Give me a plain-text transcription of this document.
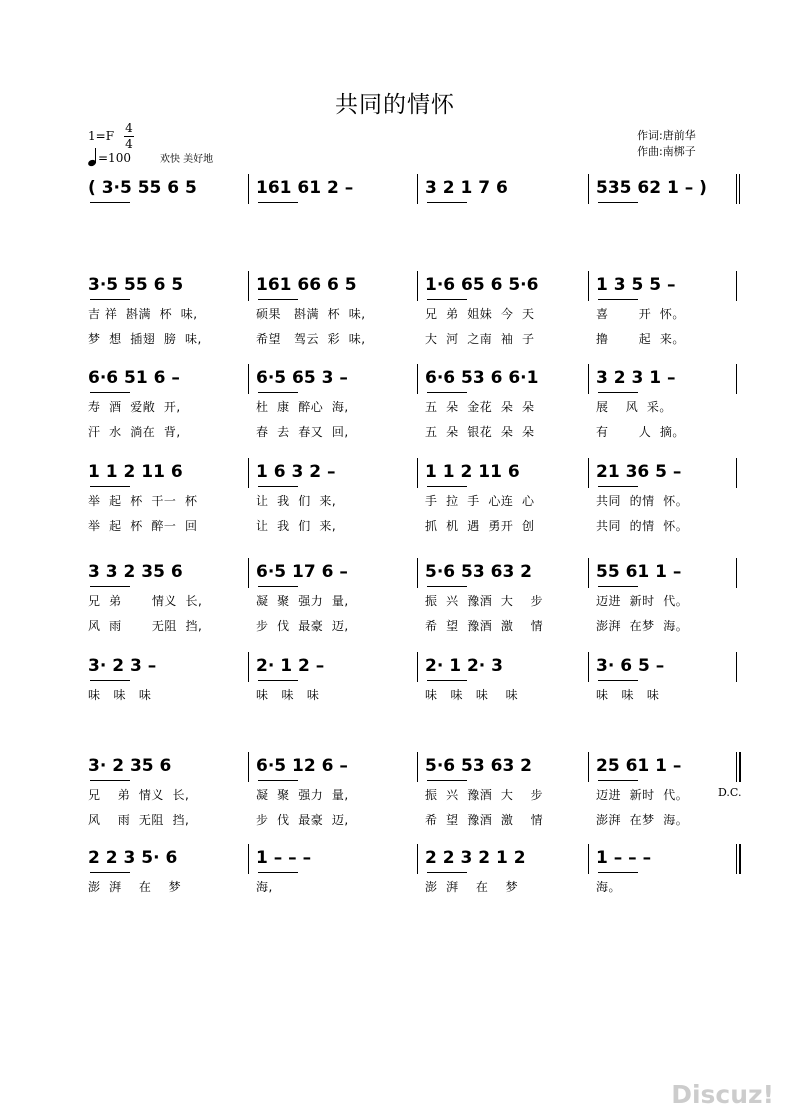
共同的情怀
1=F
4
4
=100	欢快 美好地
作词:唐前华
作曲:南梆子
( 3·5 55 6 5	161 61 2 –	3 2 1 7 6	535 62 1 – )
3·5 55 6 5
吉 祥  斟满  杯  味,
梦  想  插翅  膀  味,
161 66 6 5
硕果   斟满  杯  味,
希望   驾云  彩  味,
1·6 65 6 5·6
兄  弟  姐妹  今  天
大  河  之南  袖  子
1 3 5 5 –
喜       开  怀。
撸       起  来。
6·6 51 6 –
寿  酒  爱敞  开,
汗  水  淌在  背,
6·5 65 3 –
杜  康  醉心  海,
春  去  春又  回,
6·6 53 6 6·1
五  朵  金花  朵  朵
五  朵  银花  朵  朵
3 2 3 1 –
展    风  采。
有       人  摘。
1 1 2 11 6
举  起  杯  干一  杯
举  起  杯  醉一  回
1 6 3 2 –
让  我  们  来,
让  我  们  来,
1 1 2 11 6
手  拉  手  心连  心
抓  机  遇  勇开  创
21 36 5 –
共同  的情  怀。
共同  的情  怀。
3 3 2 35 6
兄  弟       情义  长,
风  雨       无阻  挡,
6·5 17 6 –
凝  聚  强力  量,
步  伐  最豪  迈,
5·6 53 63 2
振  兴  豫酒  大    步
希  望  豫酒  激    情
55 61 1 –
迈进  新时  代。
澎湃  在梦  海。
3· 2 3 –
味   味   味
2· 1 2 –
味   味   味
2· 1 2· 3
味   味   味    味
3· 6 5 –
味   味   味
3· 2 35 6
兄    弟  情义  长,
风    雨  无阻  挡,
6·5 12 6 –
凝  聚  强力  量,
步  伐  最豪  迈,
5·6 53 63 2
振  兴  豫酒  大    步
希  望  豫酒  激    情
25 61 1 –
迈进  新时  代。
澎湃  在梦  海。
2 2 3 5· 6
澎  湃    在    梦
1 – – –
海,
2 2 3 2 1 2
澎  湃    在    梦
1 – – –
海。
D.C.
Discuz!
